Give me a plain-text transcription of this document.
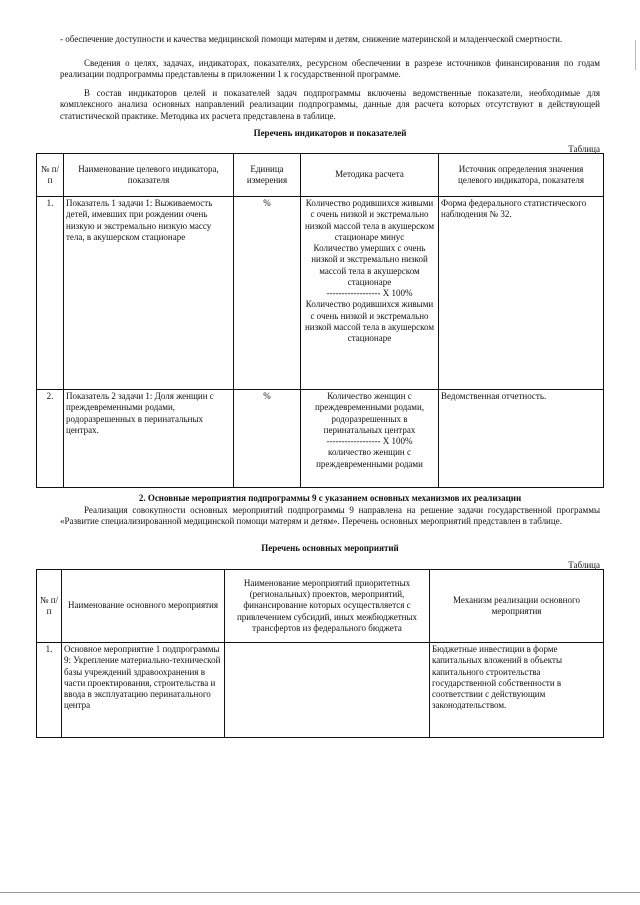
- обеспечение доступности и качества медицинской помощи матерям и детям, снижение материнской и младенческой смертности.

Сведения о целях, задачах, индикаторах, показателях, ресурсном обеспечении в разрезе источников финансирования по годам реализации подпрограммы представлены в приложении 1 к государственной программе.

В состав индикаторов целей и показателей задач подпрограммы включены ведомственные показатели, необходимые для комплексного анализа основных направлений реализации подпрограммы, данные для расчета которых отсутствуют в действующей статистической практике. Методика их расчета представлена в таблице.

Перечень индикаторов и показателей

Таблица
№ п/п	Наименование целевого индикатора, показателя	Единица измерения	Методика расчета	Источник определения значения целевого индикатора, показателя
1.	Показатель 1 задачи 1: Выживаемость детей, имевших при рождении очень низкую и экстремально низкую массу тела, в акушерском стационаре	%	Количество родившихся живыми с очень низкой и экстремально низкой массой тела в акушерском стационаре минус
Количество умерших с очень низкой и экстремально низкой массой тела в акушерском стационаре
------------------ Х 100%
Количество родившихся живыми с очень низкой и экстремально низкой массой тела в акушерском стационаре	Форма федерального статистического наблюдения № 32.
2.	Показатель 2 задачи 1: Доля женщин с преждевременными родами, родоразрешенных в перинатальных центрах.	%	Количество женщин с преждевременными родами, родоразрешенных в перинатальных центрах
------------------ Х 100%
количество женщин с преждевременными родами	Ведомственная отчетность.

2. Основные мероприятия подпрограммы 9 с указанием основных механизмов их реализации

Реализация совокупности основных мероприятий подпрограммы 9 направлена на решение задачи государственной программы «Развитие специализированной медицинской помощи матерям и детям». Перечень основных мероприятий представлен в таблице.

Перечень основных мероприятий

Таблица
№ п/п	Наименование основного мероприятия	Наименование мероприятий приоритетных (региональных) проектов, мероприятий, финансирование которых осуществляется с привлечением субсидий, иных межбюджетных трансфертов из федерального бюджета	Механизм реализации основного мероприятия
1.	Основное мероприятие 1 подпрограммы 9: Укрепление материально-технической базы учреждений здравоохранения в части проектирования, строительства и ввода в эксплуатацию перинатального центра		Бюджетные инвестиции в форме капитальных вложений в объекты капитального строительства государственной собственности в соответствии с действующим законодательством.
